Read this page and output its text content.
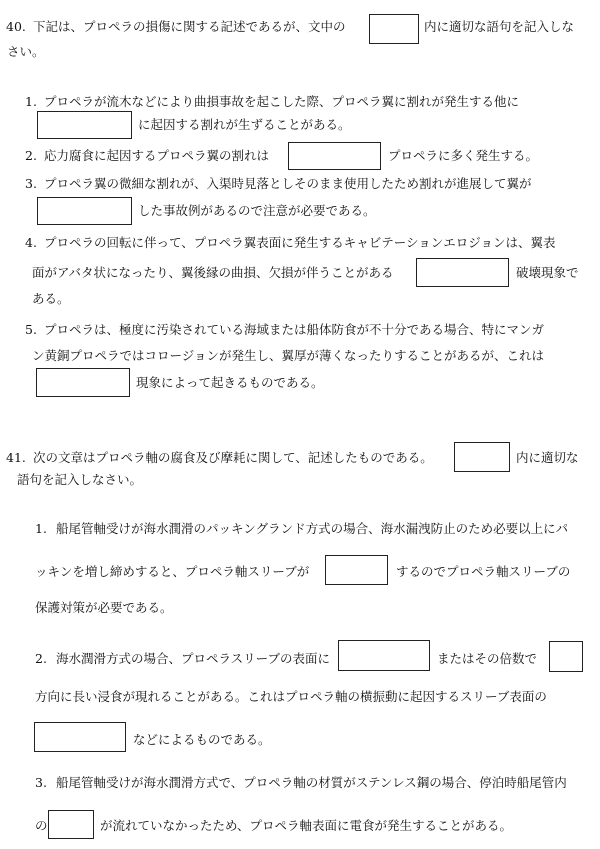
40. 下記は、プロペラの損傷に関する記述であるが、文中の	内に適切な語句を記入しな
さい。
1. プロペラが流木などにより曲損事故を起こした際、プロペラ翼に割れが発生する他に
に起因する割れが生ずることがある。
2. 応力腐食に起因するプロペラ翼の割れは	プロペラに多く発生する。
3. プロペラ翼の微細な割れが、入渠時見落としそのまま使用したため割れが進展して翼が
した事故例があるので注意が必要である。
4. プロペラの回転に伴って、プロペラ翼表面に発生するキャビテーションエロジョンは、翼表
面がアバタ状になったり、翼後縁の曲損、欠損が伴うことがある	破壊現象で
ある。
5. プロペラは、極度に汚染されている海域または船体防食が不十分である場合、特にマンガ
ン黄銅プロペラではコロージョンが発生し、翼厚が薄くなったりすることがあるが、これは
現象によって起きるものである。
41. 次の文章はプロペラ軸の腐食及び摩耗に関して、記述したものである。	内に適切な
語句を記入しなさい。
1. 船尾管軸受けが海水潤滑のパッキングランド方式の場合、海水漏洩防止のため必要以上にパ
ッキンを増し締めすると、プロペラ軸スリーブが	するのでプロペラ軸スリーブの
保護対策が必要である。
2. 海水潤滑方式の場合、プロペラスリーブの表面に	またはその倍数で
方向に長い浸食が現れることがある。これはプロペラ軸の横振動に起因するスリーブ表面の
などによるものである。
3. 船尾管軸受けが海水潤滑方式で、プロペラ軸の材質がステンレス鋼の場合、停泊時船尾管内
の	が流れていなかったため、プロペラ軸表面に電食が発生することがある。
